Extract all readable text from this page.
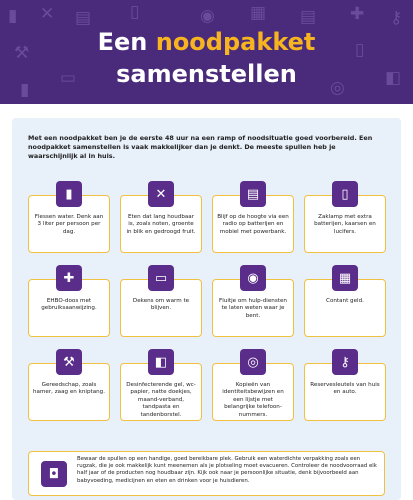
▮ ✕ ▤ ▯	◉ ▦ ▤ ✚ ⚷
⚒
▭
▮
▯
◧
◎
Een noodpakket
samenstellen
Met een noodpakket ben je de eerste 48 uur na een ramp of noodsituatie goed voorbereid. Een noodpakket samenstellen is vaak makkelijker dan je denkt. De meeste spullen heb je waarschijnlijk al in huis.
▮
Flessen water. Denk aan 3 liter per persoon per dag.
✕
Eten dat lang houdbaar is, zoals noten, groente in blik en gedroogd fruit.
▤
Blijf op de hoogte via een radio op batterijen en mobiel met powerbank.
▯
Zaklamp met extra batterijen, kaarsen en lucifers.
✚
EHBO-doos met gebruiksaanwijzing.
▭
Dekens om warm te blijven.
◉
Fluitje om hulp-diensten te laten weten waar je bent.
▦
Contant geld.
⚒
Gereedschap, zoals hamer, zaag en kniptang.
◧
Desinfecterende gel, wc-papier, natte doekjes, maand-verband, tandpasta en tandenborstel.
◎
Kopieën van identiteitsbewijzen en een lijstje met belangrijke telefoon-nummers.
⚷
Reservesleutels van huis en auto.
◘
Bewaar de spullen op een handige, goed bereikbare plek. Gebruik een waterdichte verpakking zoals een rugzak, die je ook makkelijk kunt meenemen als je plotseling moet evacueren. Controleer de noodvoorraad elk half jaar of de producten nog houdbaar zijn. Kijk ook naar je persoonlijke situatie, denk bijvoorbeeld aan babyvoeding, medicijnen en eten en drinken voor je huisdieren.
